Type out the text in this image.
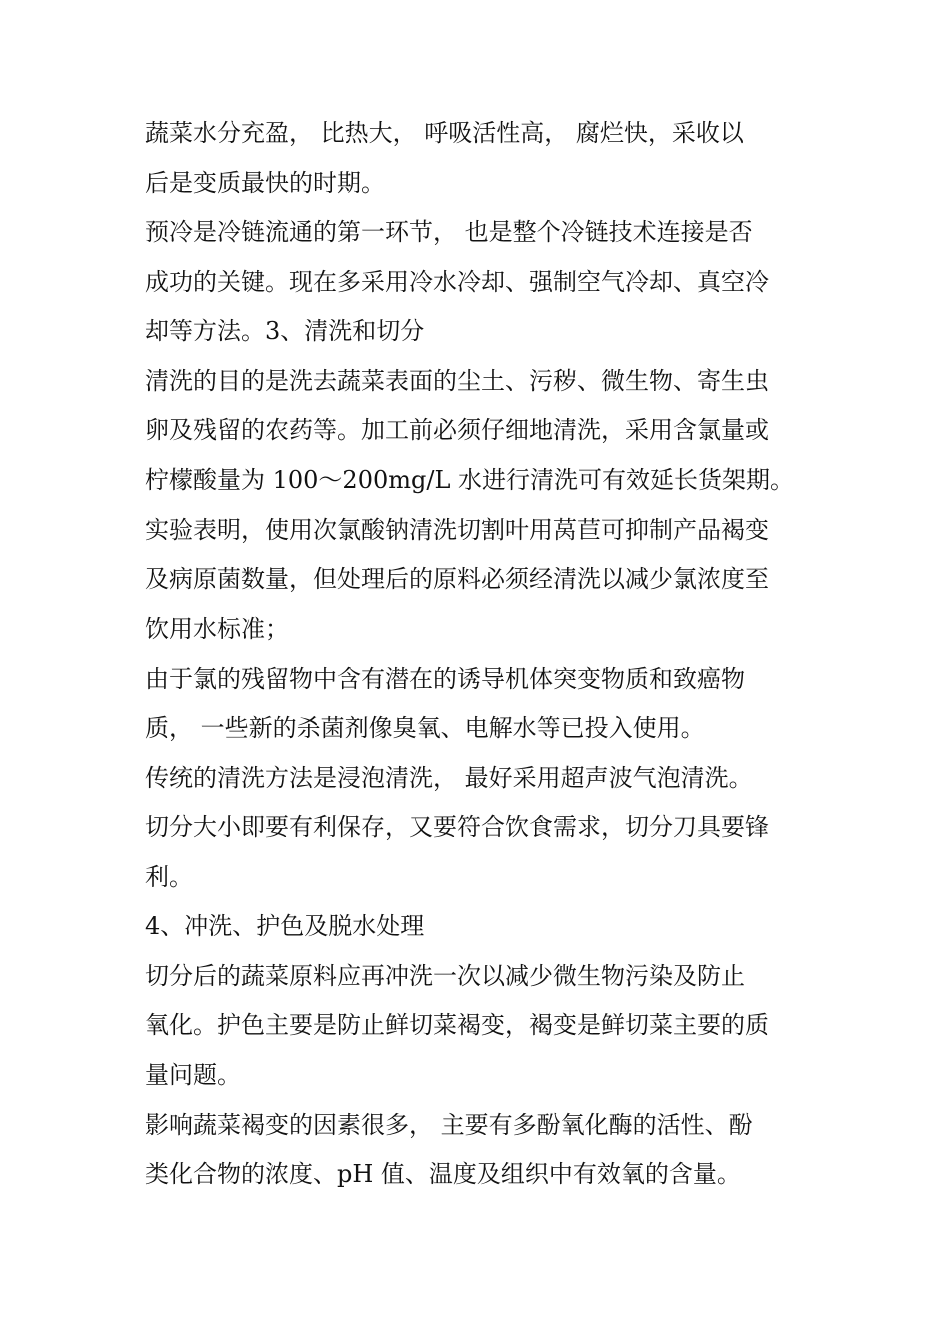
蔬菜水分充盈， 比热大， 呼吸活性高， 腐烂快，采收以

后是变质最快的时期。

预冷是冷链流通的第一环节， 也是整个冷链技术连接是否

成功的关键。现在多采用冷水冷却、强制空气冷却、真空冷

却等方法。3、清洗和切分

清洗的目的是洗去蔬菜表面的尘土、污秽、微生物、寄生虫

卵及残留的农药等。加工前必须仔细地清洗，采用含氯量或

柠檬酸量为 100～200mg/L 水进行清洗可有效延长货架期。

实验表明，使用次氯酸钠清洗切割叶用莴苣可抑制产品褐变

及病原菌数量，但处理后的原料必须经清洗以减少氯浓度至

饮用水标准；

由于氯的残留物中含有潜在的诱导机体突变物质和致癌物

质， 一些新的杀菌剂像臭氧、电解水等已投入使用。

传统的清洗方法是浸泡清洗， 最好采用超声波气泡清洗。

切分大小即要有利保存，又要符合饮食需求，切分刀具要锋

利。

4、冲洗、护色及脱水处理

切分后的蔬菜原料应再冲洗一次以减少微生物污染及防止

氧化。护色主要是防止鲜切菜褐变，褐变是鲜切菜主要的质

量问题。

影响蔬菜褐变的因素很多， 主要有多酚氧化酶的活性、酚

类化合物的浓度、pH 值、温度及组织中有效氧的含量。
